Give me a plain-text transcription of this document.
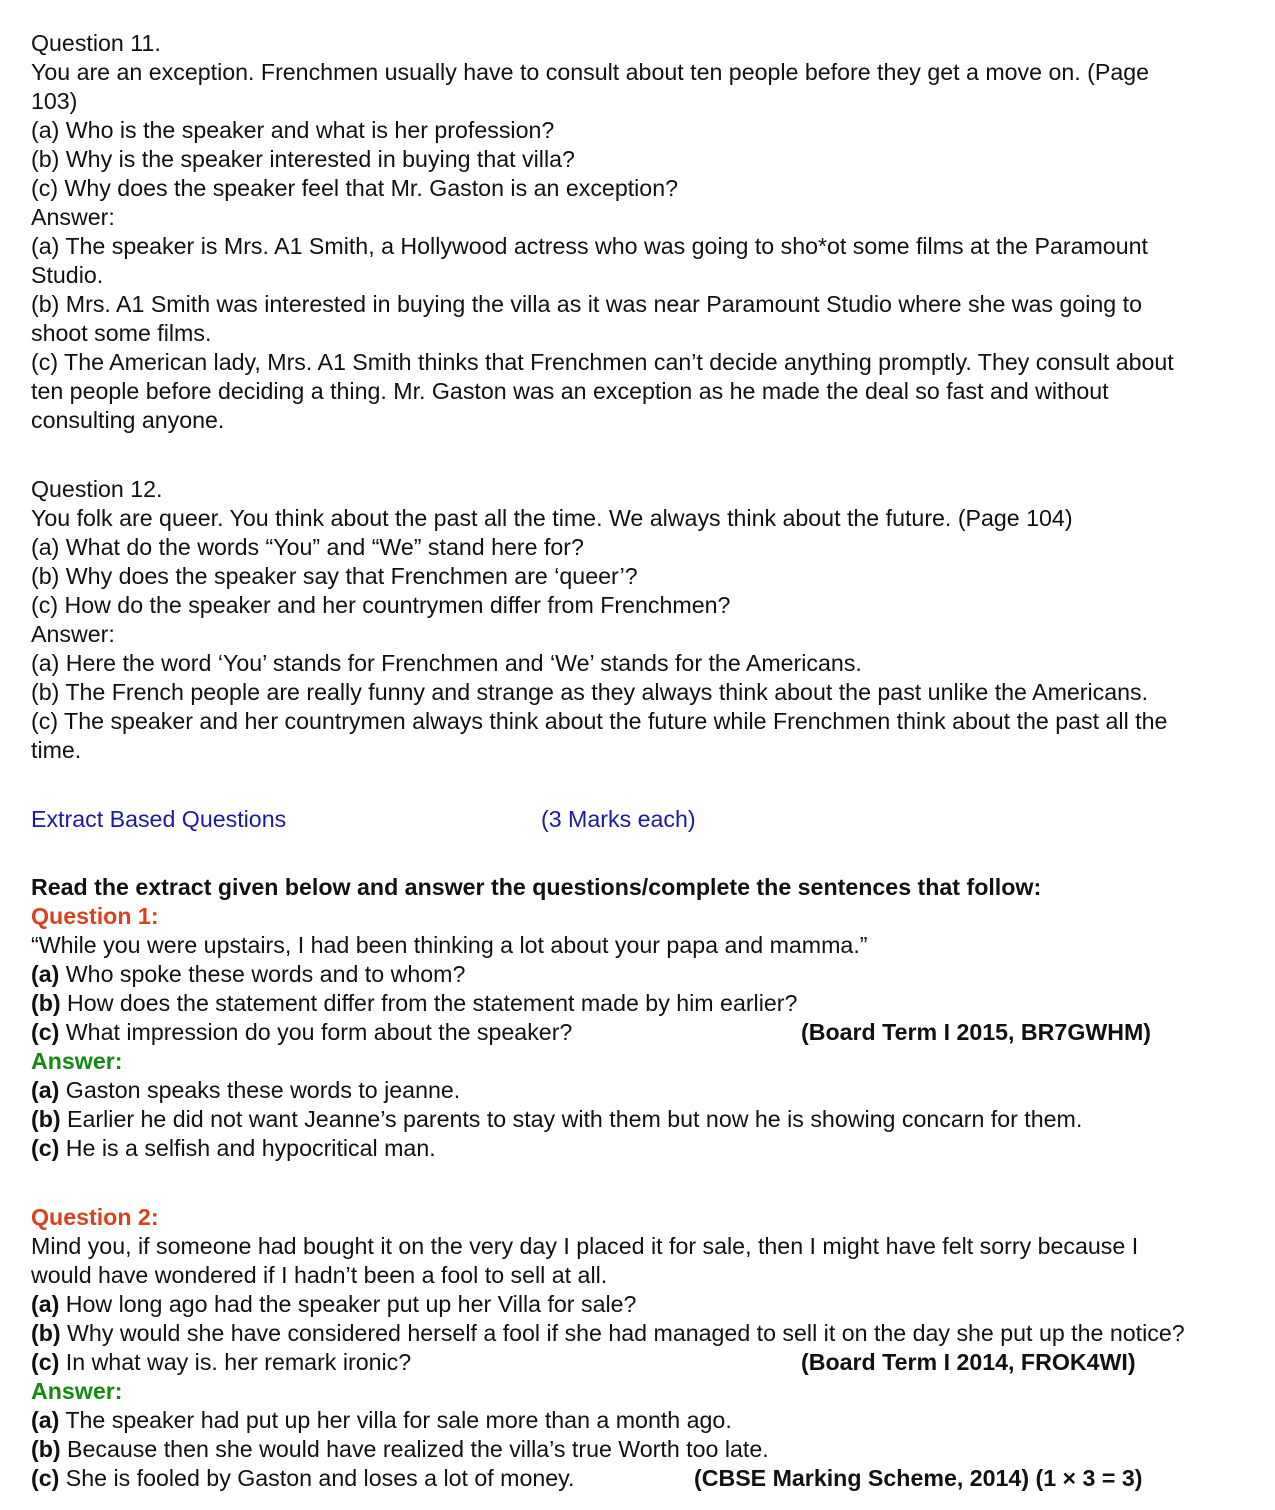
Question 11.
You are an exception. Frenchmen usually have to consult about ten people before they get a move on. (Page
103)
(a) Who is the speaker and what is her profession?
(b) Why is the speaker interested in buying that villa?
(c) Why does the speaker feel that Mr. Gaston is an exception?
Answer:
(a) The speaker is Mrs. A1 Smith, a Hollywood actress who was going to sho*ot some films at the Paramount
Studio.
(b) Mrs. A1 Smith was interested in buying the villa as it was near Paramount Studio where she was going to
shoot some films.
(c) The American lady, Mrs. A1 Smith thinks that Frenchmen can’t decide anything promptly. They consult about
ten people before deciding a thing. Mr. Gaston was an exception as he made the deal so fast and without
consulting anyone.
Question 12.
You folk are queer. You think about the past all the time. We always think about the future. (Page 104)
(a) What do the words “You” and “We” stand here for?
(b) Why does the speaker say that Frenchmen are ‘queer’?
(c) How do the speaker and her countrymen differ from Frenchmen?
Answer:
(a) Here the word ‘You’ stands for Frenchmen and ‘We’ stands for the Americans.
(b) The French people are really funny and strange as they always think about the past unlike the Americans.
(c) The speaker and her countrymen always think about the future while Frenchmen think about the past all the
time.
Extract Based Questions	(3 Marks each)
Read the extract given below and answer the questions/complete the sentences that follow:
Question 1:
“While you were upstairs, I had been thinking a lot about your papa and mamma.”
(a) Who spoke these words and to whom?
(b) How does the statement differ from the statement made by him earlier?
(c) What impression do you form about the speaker?	(Board Term I 2015, BR7GWHM)
Answer:
(a) Gaston speaks these words to jeanne.
(b) Earlier he did not want Jeanne’s parents to stay with them but now he is showing concarn for them.
(c) He is a selfish and hypocritical man.
Question 2:
Mind you, if someone had bought it on the very day I placed it for sale, then I might have felt sorry because I
would have wondered if I hadn’t been a fool to sell at all.
(a) How long ago had the speaker put up her Villa for sale?
(b) Why would she have considered herself a fool if she had managed to sell it on the day she put up the notice?
(c) In what way is. her remark ironic?	(Board Term I 2014, FROK4WI)
Answer:
(a) The speaker had put up her villa for sale more than a month ago.
(b) Because then she would have realized the villa’s true Worth too late.
(c) She is fooled by Gaston and loses a lot of money.	(CBSE Marking Scheme, 2014) (1 × 3 = 3)
